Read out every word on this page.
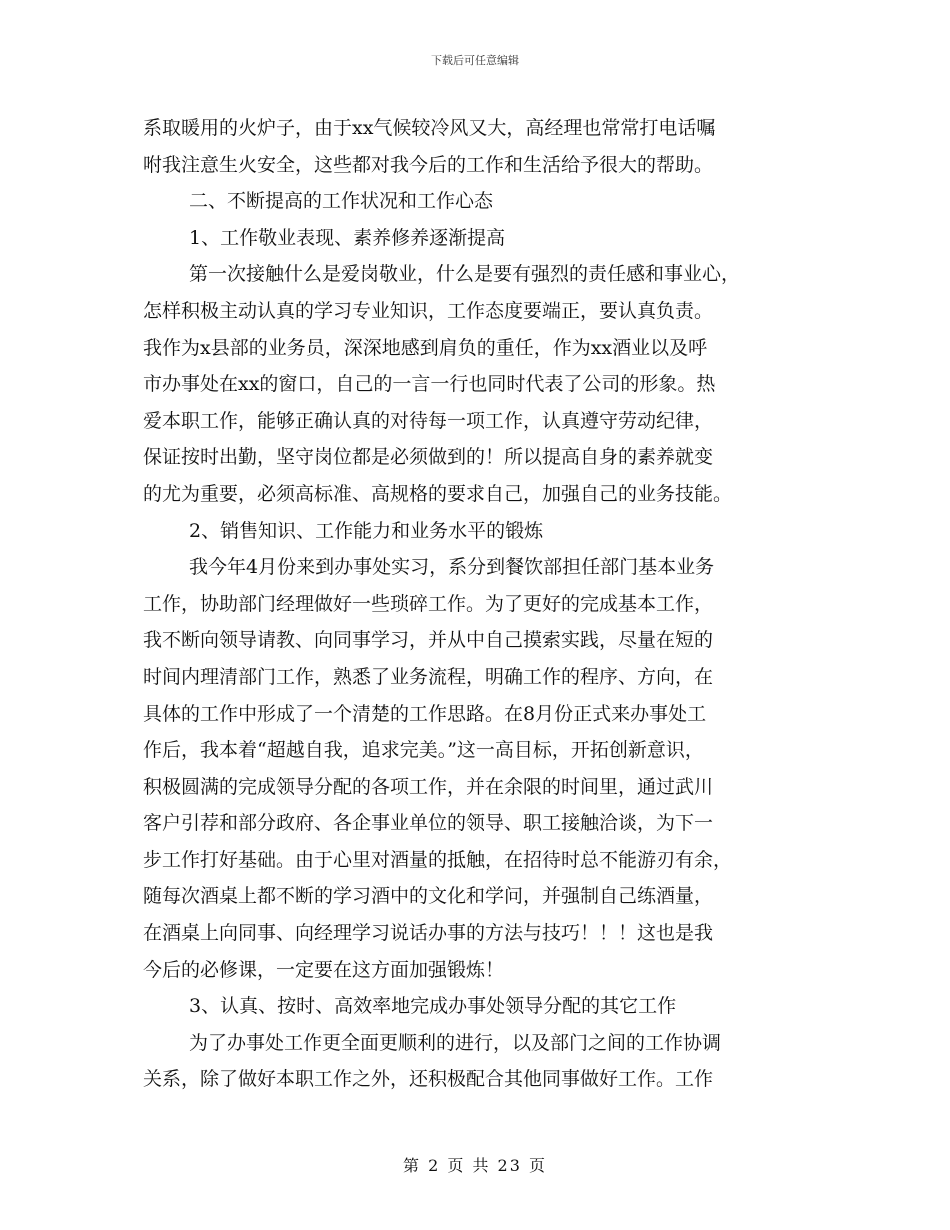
下载后可任意编辑
系取暖用的火炉子，由于xx气候较冷风又大，高经理也常常打电话嘱
咐我注意生火安全，这些都对我今后的工作和生活给予很大的帮助。
二、不断提高的工作状况和工作心态
1、工作敬业表现、素养修养逐渐提高
第一次接触什么是爱岗敬业，什么是要有强烈的责任感和事业心，
怎样积极主动认真的学习专业知识，工作态度要端正，要认真负责。
我作为x县部的业务员，深深地感到肩负的重任，作为xx酒业以及呼
市办事处在xx的窗口，自己的一言一行也同时代表了公司的形象。热
爱本职工作，能够正确认真的对待每一项工作，认真遵守劳动纪律，
保证按时出勤，坚守岗位都是必须做到的！所以提高自身的素养就变
的尤为重要，必须高标准、高规格的要求自己，加强自己的业务技能。
2、销售知识、工作能力和业务水平的锻炼
我今年4月份来到办事处实习，系分到餐饮部担任部门基本业务
工作，协助部门经理做好一些琐碎工作。为了更好的完成基本工作，
我不断向领导请教、向同事学习，并从中自己摸索实践，尽量在短的
时间内理清部门工作，熟悉了业务流程，明确工作的程序、方向，在
具体的工作中形成了一个清楚的工作思路。在8月份正式来办事处工
作后，我本着“超越自我，追求完美。”这一高目标，开拓创新意识，
积极圆满的完成领导分配的各项工作，并在余限的时间里，通过武川
客户引荐和部分政府、各企事业单位的领导、职工接触洽谈，为下一
步工作打好基础。由于心里对酒量的抵触，在招待时总不能游刃有余，
随每次酒桌上都不断的学习酒中的文化和学问，并强制自己练酒量，
在酒桌上向同事、向经理学习说话办事的方法与技巧！！！这也是我
今后的必修课，一定要在这方面加强锻炼！
3、认真、按时、高效率地完成办事处领导分配的其它工作
为了办事处工作更全面更顺利的进行，以及部门之间的工作协调
关系，除了做好本职工作之外，还积极配合其他同事做好工作。工作
第 2 页 共 23 页
